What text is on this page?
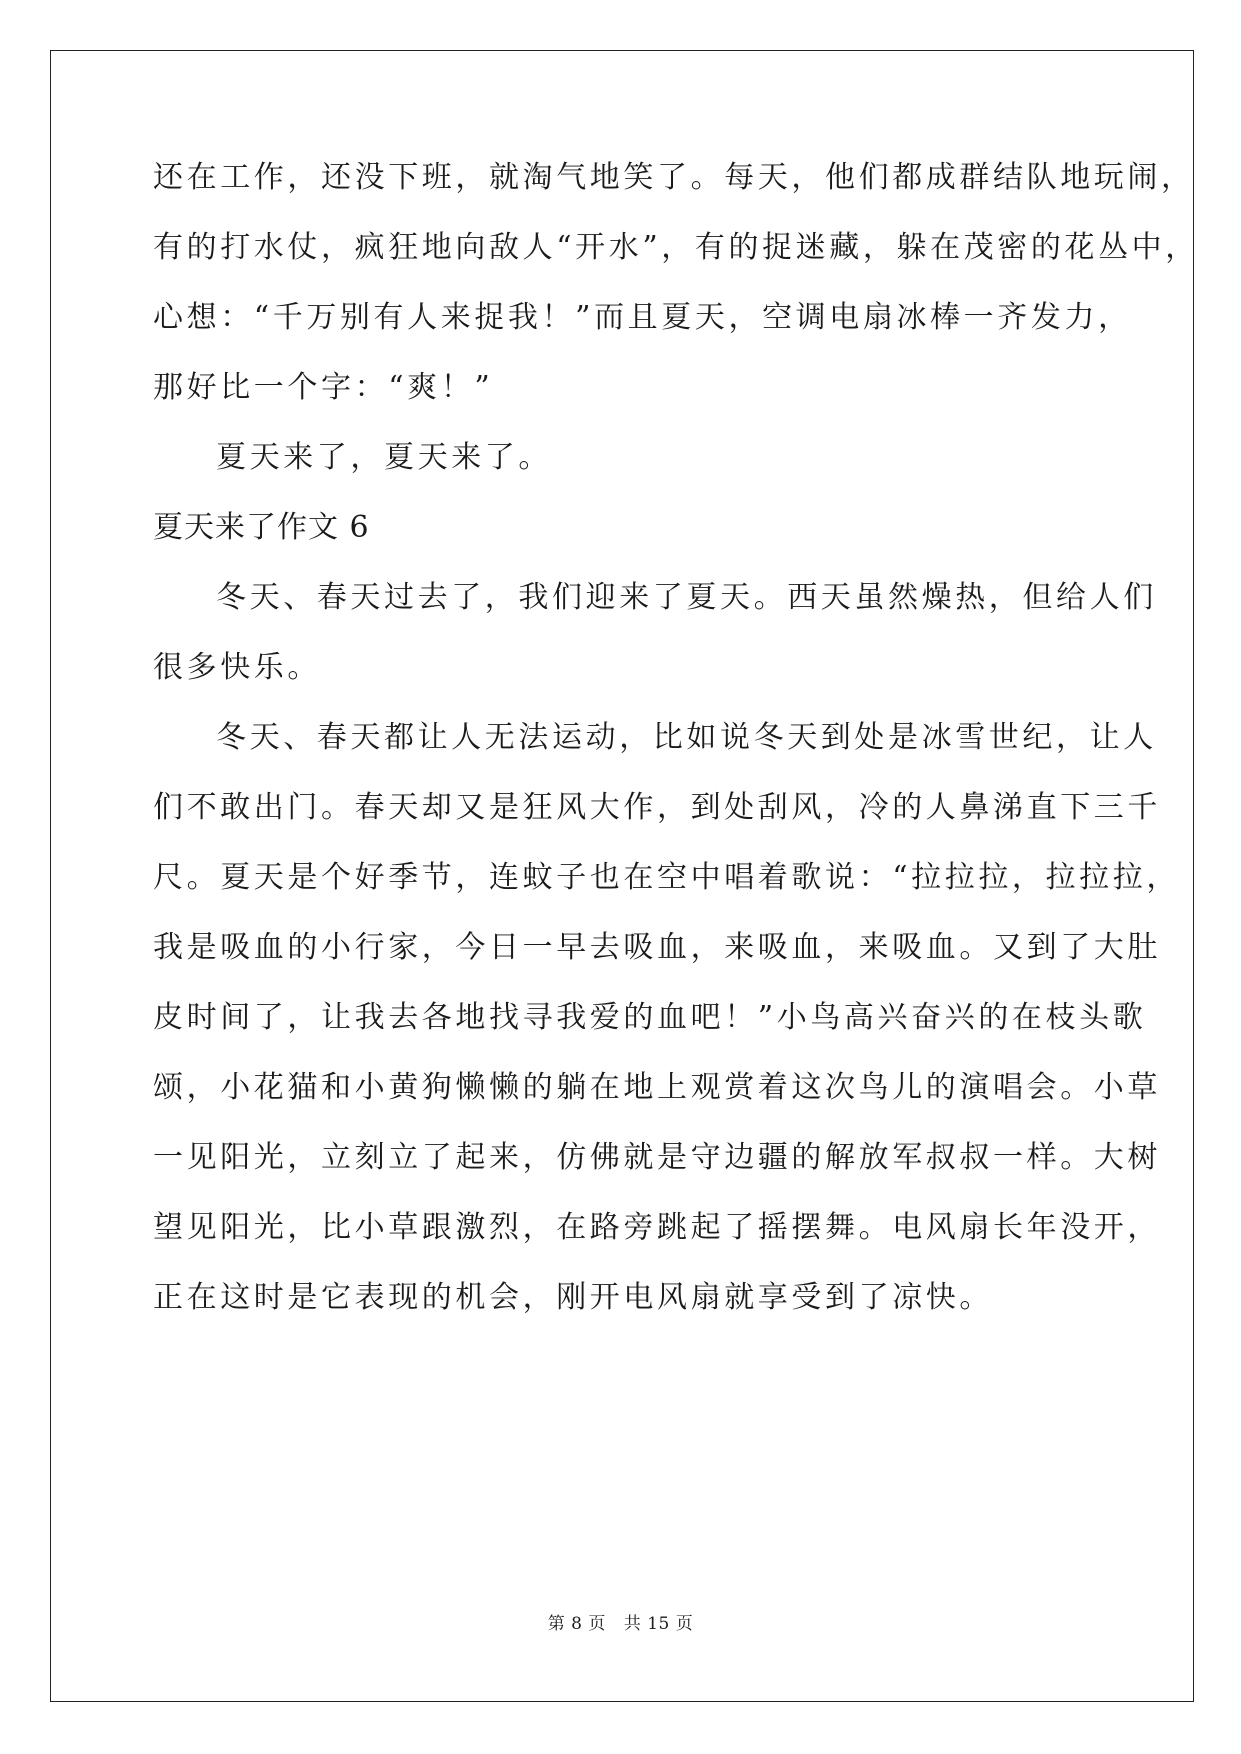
还在工作，还没下班，就淘气地笑了。每天，他们都成群结队地玩闹，
有的打水仗，疯狂地向敌人“开水”，有的捉迷藏，躲在茂密的花丛中，
心想：“千万别有人来捉我！”而且夏天，空调电扇冰棒一齐发力，
那好比一个字：“爽！”
夏天来了，夏天来了。
夏天来了作文 6
冬天、春天过去了，我们迎来了夏天。西天虽然燥热，但给人们
很多快乐。
冬天、春天都让人无法运动，比如说冬天到处是冰雪世纪，让人
们不敢出门。春天却又是狂风大作，到处刮风，冷的人鼻涕直下三千
尺。夏天是个好季节，连蚊子也在空中唱着歌说：“拉拉拉，拉拉拉，
我是吸血的小行家，今日一早去吸血，来吸血，来吸血。又到了大肚
皮时间了，让我去各地找寻我爱的血吧！”小鸟高兴奋兴的在枝头歌
颂，小花猫和小黄狗懒懒的躺在地上观赏着这次鸟儿的演唱会。小草
一见阳光，立刻立了起来，仿佛就是守边疆的解放军叔叔一样。大树
望见阳光，比小草跟激烈，在路旁跳起了摇摆舞。电风扇长年没开，
正在这时是它表现的机会，刚开电风扇就享受到了凉快。
第 8 页 共 15 页
